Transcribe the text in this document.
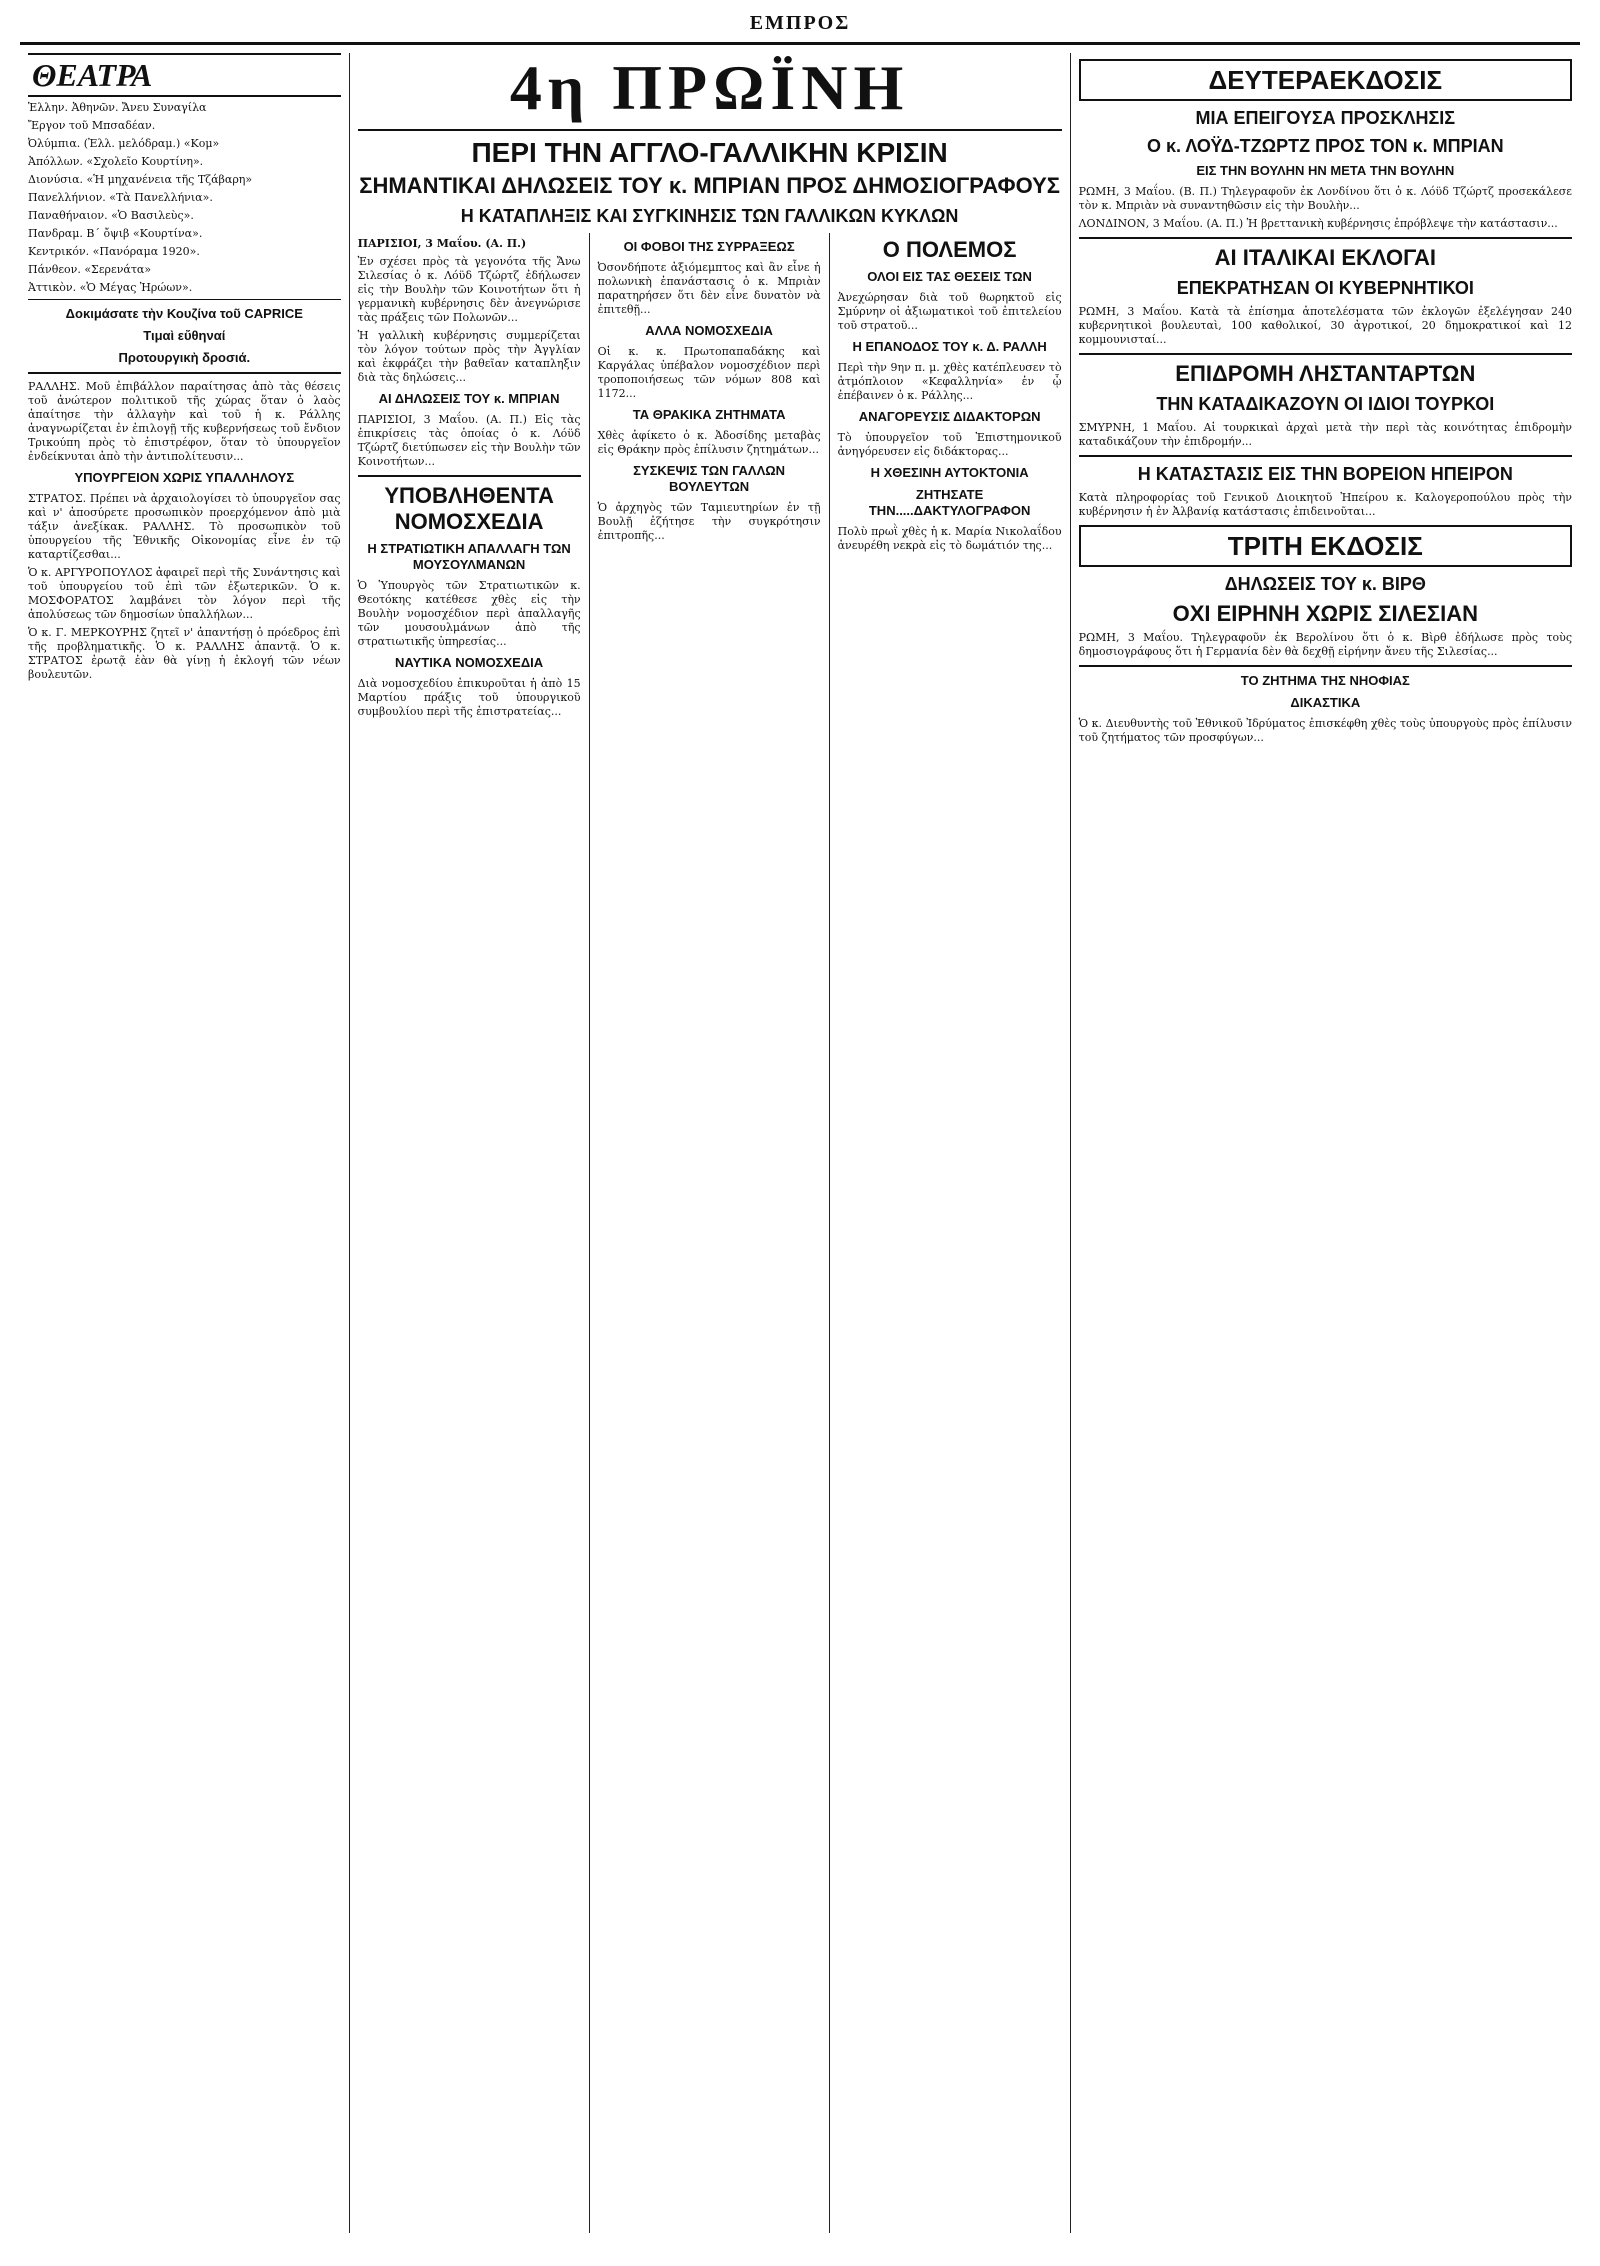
ΕΜΠΡΟΣ
ΘΕΑΤΡΑ
Ἑλλην. Ἀθηνῶν. Ἄνευ Συναγίλα
Ἔργον τοῦ Μπσαδέαν.
Ὀλύμπια. (Ἐλλ. μελόδραμ.) «Κομ»
Ἀπόλλων. «Σχολεῖο Κουρτίνη».
Διονύσια. «Ἡ μηχανένεια τῆς Τζάβαρη»
Πανελλήνιον. «Τὰ Πανελλήνια».
Παναθήναιον. «Ὁ Βασιλεὺς».
Πανδραμ. Β΄ ὄψιβ «Κουρτίνα».
Κεντρικόν. «Πανόραμα 1920».
Πάνθεον. «Σερενάτα»
Ἀττικὸν. «Ὁ Μέγας Ἠρώων».
Δοκιμάσατε τὴν Κουζίνα τοῦ CAPRICE
Τιμαὶ εὔθηναί
Προτουργικὴ δροσιά.
ΡΑΛΛΗΣ. Μοῦ ἐπιβάλλον παραίτησας ἀπὸ τὰς θέσεις τοῦ ἀνώτερον πολιτικοῦ τῆς χώρας ὅταν ὁ λαὸς ἀπαίτησε τὴν ἀλλαγὴν καὶ τοῦ ἡ κ. Ράλλης ἀναγνωρίζεται ἐν ἐπιλογῇ τῆς κυβερνήσεως τοῦ ἔνδιον Τρικούπη πρὸς τὸ ἐπιστρέφον, ὅταν τὸ ὑπουργεῖον ἐνδείκνυται ἀπὸ τὴν ἀντιπολίτευσιν...
ΥΠΟΥΡΓΕΙΟΝ ΧΩΡΙΣ ΥΠΑΛΛΗΛΟΥΣ
ΣΤΡΑΤΟΣ. Πρέπει νὰ ἀρχαιολογίσει τὸ ὑπουργεῖον σας καὶ ν' ἀποσύρετε προσωπικὸν προερχόμενον ἀπὸ μιὰ τάξιν ἀνεξίκακ. ΡΑΛΛΗΣ. Τὸ προσωπικὸν τοῦ ὑπουργείου τῆς Ἐθνικῆς Οἰκονομίας εἶνε ἐν τῷ καταρτίζεσθαι...
Ὁ κ. ΑΡΓΥΡΟΠΟΥΛΟΣ ἀφαιρεῖ περὶ τῆς Συνάντησις καὶ τοῦ ὑπουργείου τοῦ ἐπὶ τῶν ἐξωτερικῶν. Ὁ κ. ΜΟΣΦΟΡΑΤΟΣ λαμβάνει τὸν λόγον περὶ τῆς ἀπολύσεως τῶν δημοσίων ὑπαλλήλων...
Ὁ κ. Γ. ΜΕΡΚΟΥΡΗΣ ζητεῖ ν' ἀπαντήσῃ ὁ πρόεδρος ἐπὶ τῆς προβληματικῆς. Ὁ κ. ΡΑΛΛΗΣ ἀπαντᾷ. Ὁ κ. ΣΤΡΑΤΟΣ ἐρωτᾷ ἐὰν θὰ γίνῃ ἡ ἐκλογή τῶν νέων βουλευτῶν.
4η ΠΡΩΪΝΗ
ΠΕΡΙ ΤΗΝ ΑΓΓΛΟ-ΓΑΛΛΙΚΗΝ ΚΡΙΣΙΝ
ΣΗΜΑΝΤΙΚΑΙ ΔΗΛΩΣΕΙΣ ΤΟΥ κ. ΜΠΡΙΑΝ ΠΡΟΣ ΔΗΜΟΣΙΟΓΡΑΦΟΥΣ
Η ΚΑΤΑΠΛΗΞΙΣ ΚΑΙ ΣΥΓΚΙΝΗΣΙΣ ΤΩΝ ΓΑΛΛΙΚΩΝ ΚΥΚΛΩΝ
ΠΑΡΙΣΙΟΙ, 3 Μαΐου. (Α. Π.)
Ἐν σχέσει πρὸς τὰ γεγονότα τῆς Ἄνω Σιλεσίας ὁ κ. Λόϋδ Τζώρτζ ἐδήλωσεν εἰς τὴν Βουλὴν τῶν Κοινοτήτων ὅτι ἡ γερμανικὴ κυβέρνησις δὲν ἀνεγνώρισε τὰς πράξεις τῶν Πολωνῶν...
Ἡ γαλλικὴ κυβέρνησις συμμερίζεται τὸν λόγον τούτων πρὸς τὴν Ἀγγλίαν καὶ ἐκφράζει τὴν βαθεῖαν καταπληξιν διὰ τὰς δηλώσεις...
ΑΙ ΔΗΛΩΣΕΙΣ ΤΟΥ κ. ΜΠΡΙΑΝ
ΠΑΡΙΣΙΟΙ, 3 Μαΐου. (Α. Π.) Εἰς τὰς ἐπικρίσεις τὰς ὁποίας ὁ κ. Λόϋδ Τζώρτζ διετύπωσεν εἰς τὴν Βουλὴν τῶν Κοινοτήτων...
ΥΠΟΒΛΗΘΕΝΤΑ ΝΟΜΟΣΧΕΔΙΑ
Η ΣΤΡΑΤΙΩΤΙΚΗ ΑΠΑΛΛΑΓΗ ΤΩΝ ΜΟΥΣΟΥΛΜΑΝΩΝ
Ὁ Ὑπουργὸς τῶν Στρατιωτικῶν κ. Θεοτόκης κατέθεσε χθὲς εἰς τὴν Βουλὴν νομοσχέδιον περὶ ἀπαλλαγῆς τῶν μουσουλμάνων ἀπὸ τῆς στρατιωτικῆς ὑπηρεσίας...
ΝΑΥΤΙΚΑ ΝΟΜΟΣΧΕΔΙΑ
Διὰ νομοσχεδίου ἐπικυροῦται ἡ ἀπὸ 15 Μαρτίου πράξις τοῦ ὑπουργικοῦ συμβουλίου περὶ τῆς ἐπιστρατείας...
ΟΙ ΦΟΒΟΙ ΤΗΣ ΣΥΡΡΑΞΕΩΣ
Ὀσονδήποτε ἀξιόμεμπτος καὶ ἂν εἶνε ἡ πολωνικὴ ἐπανάστασις ὁ κ. Μπριὰν παρατηρήσεν ὅτι δὲν εἶνε δυνατὸν νὰ ἐπιτεθῇ...
ΑΛΛΑ ΝΟΜΟΣΧΕΔΙΑ
Οἱ κ. κ. Πρωτοπαπαδάκης καὶ Καργάλας ὑπέβαλον νομοσχέδιον περὶ τροποποιήσεως τῶν νόμων 808 καὶ 1172...
ΤΑ ΘΡΑΚΙΚΑ ΖΗΤΗΜΑΤΑ
Χθὲς ἀφίκετο ὁ κ. Ἀδοσίδης μεταβὰς εἰς Θράκην πρὸς ἐπίλυσιν ζητημάτων...
ΣΥΣΚΕΨΙΣ ΤΩΝ ΓΑΛΛΩΝ ΒΟΥΛΕΥΤΩΝ
Ὁ ἀρχηγὸς τῶν Ταμιευτηρίων ἐν τῇ Βουλῇ ἐζήτησε τὴν συγκρότησιν ἐπιτροπῆς...
Ο ΠΟΛΕΜΟΣ
ΟΛΟΙ ΕΙΣ ΤΑΣ ΘΕΣΕΙΣ ΤΩΝ
Ἀνεχώρησαν διὰ τοῦ θωρηκτοῦ εἰς Σμύρνην οἱ ἀξιωματικοὶ τοῦ ἐπιτελείου τοῦ στρατοῦ...
Η ΕΠΑΝΟΔΟΣ ΤΟΥ κ. Δ. ΡΑΛΛΗ
Περὶ τὴν 9ην π. μ. χθὲς κατέπλευσεν τὸ ἀτμόπλοιον «Κεφαλληνία» ἐν ᾧ ἐπέβαινεν ὁ κ. Ράλλης...
ΑΝΑΓΟΡΕΥΣΙΣ ΔΙΔΑΚΤΟΡΩΝ
Τὸ ὑπουργεῖον τοῦ Ἐπιστημονικοῦ ἀνηγόρευσεν εἰς διδάκτορας...
Η ΧΘΕΣΙΝΗ ΑΥΤΟΚΤΟΝΙΑ
ΖΗΤΗΣΑΤΕ ΤΗΝ.....ΔΑΚΤΥΛΟΓΡΑΦΟΝ
Πολὺ πρωῒ χθὲς ἡ κ. Μαρία Νικολαΐδου ἀνευρέθη νεκρὰ εἰς τὸ δωμάτιόν της...
ΔΕΥΤΕΡΑΕΚΔΟΣΙΣ
ΜΙΑ ΕΠΕΙΓΟΥΣΑ ΠΡΟΣΚΛΗΣΙΣ
Ο κ. ΛΟΫΔ-ΤΖΩΡΤΖ ΠΡΟΣ ΤΟΝ κ. ΜΠΡΙΑΝ
ΕΙΣ ΤΗΝ ΒΟΥΛΗΝ ΗΝ ΜΕΤΑ ΤΗΝ ΒΟΥΛΗΝ
ΡΩΜΗ, 3 Μαΐου. (Β. Π.) Τηλεγραφοῦν ἐκ Λονδίνου ὅτι ὁ κ. Λόϋδ Τζώρτζ προσεκάλεσε τὸν κ. Μπριὰν νὰ συναντηθῶσιν εἰς τὴν Βουλὴν...
ΛΟΝΔΙΝΟΝ, 3 Μαΐου. (Α. Π.) Ἡ βρεττανικὴ κυβέρνησις ἐπρόβλεψε τὴν κατάστασιν...
ΑΙ ΙΤΑΛΙΚΑΙ ΕΚΛΟΓΑΙ
ΕΠΕΚΡΑΤΗΣΑΝ ΟΙ ΚΥΒΕΡΝΗΤΙΚΟΙ
ΡΩΜΗ, 3 Μαΐου. Κατὰ τὰ ἐπίσημα ἀποτελέσματα τῶν ἐκλογῶν ἐξελέγησαν 240 κυβερνητικοὶ βουλευταὶ, 100 καθολικοί, 30 ἀγροτικοί, 20 δημοκρατικοί καὶ 12 κομμουνισταί...
ΕΠΙΔΡΟΜΗ ΛΗΣΤΑΝΤΑΡΤΩΝ
ΤΗΝ ΚΑΤΑΔΙΚΑΖΟΥΝ ΟΙ ΙΔΙΟΙ ΤΟΥΡΚΟΙ
ΣΜΥΡΝΗ, 1 Μαΐου. Αἱ τουρκικαὶ ἀρχαὶ μετὰ τὴν περὶ τὰς κοινότητας ἐπιδρομὴν καταδικάζουν τὴν ἐπιδρομήν...
Η ΚΑΤΑΣΤΑΣΙΣ ΕΙΣ ΤΗΝ ΒΟΡΕΙΟΝ ΗΠΕΙΡΟΝ
Κατὰ πληροφορίας τοῦ Γενικοῦ Διοικητοῦ Ἠπείρου κ. Καλογεροπούλου πρὸς τὴν κυβέρνησιν ἡ ἐν Ἀλβανίᾳ κατάστασις ἐπιδεινοῦται...
ΤΡΙΤΗ ΕΚΔΟΣΙΣ
ΔΗΛΩΣΕΙΣ ΤΟΥ κ. ΒΙΡΘ
ΟΧΙ ΕΙΡΗΝΗ ΧΩΡΙΣ ΣΙΛΕΣΙΑΝ
ΡΩΜΗ, 3 Μαΐου. Τηλεγραφοῦν ἐκ Βερολίνου ὅτι ὁ κ. Βὶρθ ἐδήλωσε πρὸς τοὺς δημοσιογράφους ὅτι ἡ Γερμανία δὲν θὰ δεχθῇ εἰρήνην ἄνευ τῆς Σιλεσίας...
ΤΟ ΖΗΤΗΜΑ ΤΗΣ ΝΗΟΦΙΑΣ
ΔΙΚΑΣΤΙΚΑ
Ὁ κ. Διευθυντὴς τοῦ Ἐθνικοῦ Ἰδρύματος ἐπισκέφθη χθὲς τοὺς ὑπουργοὺς πρὸς ἐπίλυσιν τοῦ ζητήματος τῶν προσφύγων...
